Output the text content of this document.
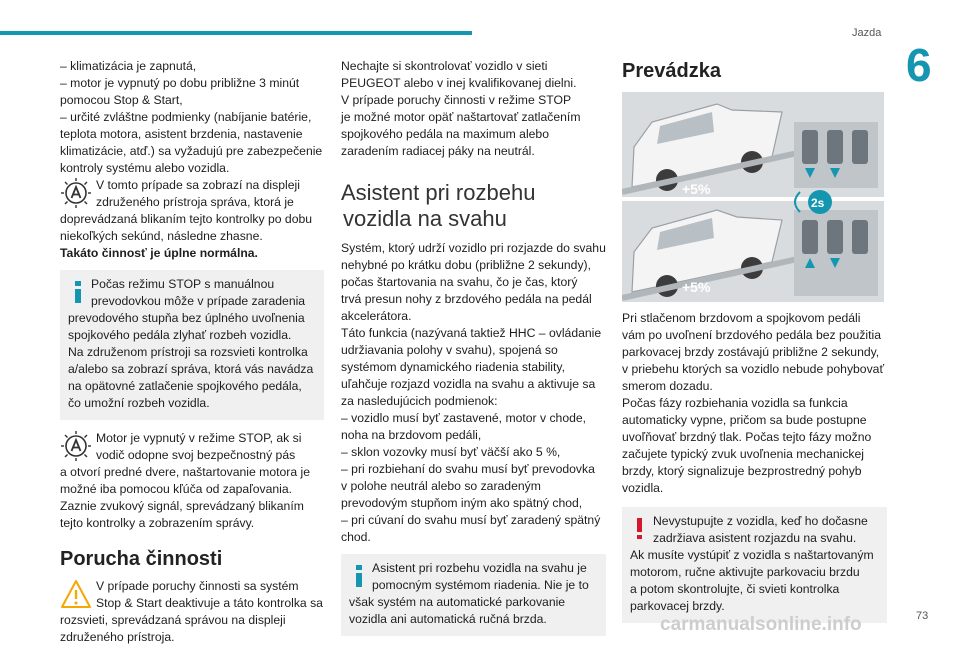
Jazda
6

– klimatizácia je zapnutá,

– motor je vypnutý po dobu približne 3 minút

pomocou Stop & Start,

– určité zvláštne podmienky (nabíjanie batérie,

teplota motora, asistent brzdenia, nastavenie

klimatizácie, atď.) sa vyžadujú pre zabezpečenie

kontroly systému alebo vozidla.

V tomto prípade sa zobrazí na displeji

združeného prístroja správa, ktorá je

doprevádzaná blikaním tejto kontrolky po dobu

niekoľkých sekúnd, následne zhasne.

Takáto činnosť je úplne normálna.

Počas režimu STOP s manuálnou

prevodovkou môže v prípade zaradenia

prevodového stupňa bez úplného uvoľnenia

spojkového pedála zlyhať rozbeh vozidla.

Na združenom prístroji sa rozsvieti kontrolka

a/alebo sa zobrazí správa, ktorá vás navádza

na opätovné zatlačenie spojkového pedála,

čo umožní rozbeh vozidla.

Motor je vypnutý v režime STOP, ak si

vodič odopne svoj bezpečnostný pás

a otvorí predné dvere, naštartovanie motora je

možné iba pomocou kľúča od zapaľovania.

Zaznie zvukový signál, sprevádzaný blikaním

tejto kontrolky a zobrazením správy.

Porucha činnosti

V prípade poruchy činnosti sa systém

Stop & Start deaktivuje a táto kontrolka sa

rozsvieti, sprevádzaná správou na displeji

združeného prístroja.

Nechajte si skontrolovať vozidlo v sieti

PEUGEOT alebo v inej kvalifikovanej dielni.

V prípade poruchy činnosti v režime STOP

je možné motor opäť naštartovať zatlačením

spojkového pedála na maximum alebo

zaradením radiacej páky na neutrál.

Asistent pri rozbehu
vozidla na svahu

Systém, ktorý udrží vozidlo pri rozjazde do svahu

nehybné po krátku dobu (približne 2 sekundy),

počas štartovania na svahu, čo je čas, ktorý

trvá presun nohy z brzdového pedála na pedál

akcelerátora.

Táto funkcia (nazývaná taktiež HHC – ovládanie

udržiavania polohy v svahu), spojená so

systémom dynamického riadenia stability,

uľahčuje rozjazd vozidla na svahu a aktivuje sa

za nasledujúcich podmienok:

– vozidlo musí byť zastavené, motor v chode,

noha na brzdovom pedáli,

– sklon vozovky musí byť väčší ako 5 %,

– pri rozbiehaní do svahu musí byť prevodovka

v polohe neutrál alebo so zaradeným

prevodovým stupňom iným ako spätný chod,

– pri cúvaní do svahu musí byť zaradený spätný

chod.

Asistent pri rozbehu vozidla na svahu je

pomocným systémom riadenia. Nie je to

však systém na automatické parkovanie

vozidla ani automatická ručná brzda.

Prevádzka
+5%
+5%
2s

Pri stlačenom brzdovom a spojkovom pedáli

vám po uvoľnení brzdového pedála bez použitia

parkovacej brzdy zostávajú približne 2 sekundy,

v priebehu ktorých sa vozidlo nebude pohybovať

smerom dozadu.

Počas fázy rozbiehania vozidla sa funkcia

automaticky vypne, pričom sa bude postupne

uvoľňovať brzdný tlak. Počas tejto fázy možno

začujete typický zvuk uvoľnenia mechanickej

brzdy, ktorý signalizuje bezprostredný pohyb

vozidla.

Nevystupujte z vozidla, keď ho dočasne

zadržiava asistent rozjazdu na svahu.

Ak musíte vystúpiť z vozidla s naštartovaným

motorom, ručne aktivujte parkovaciu brzdu

a potom skontrolujte, či svieti kontrolka

parkovacej brzdy.

carmanualsonline.info	73
